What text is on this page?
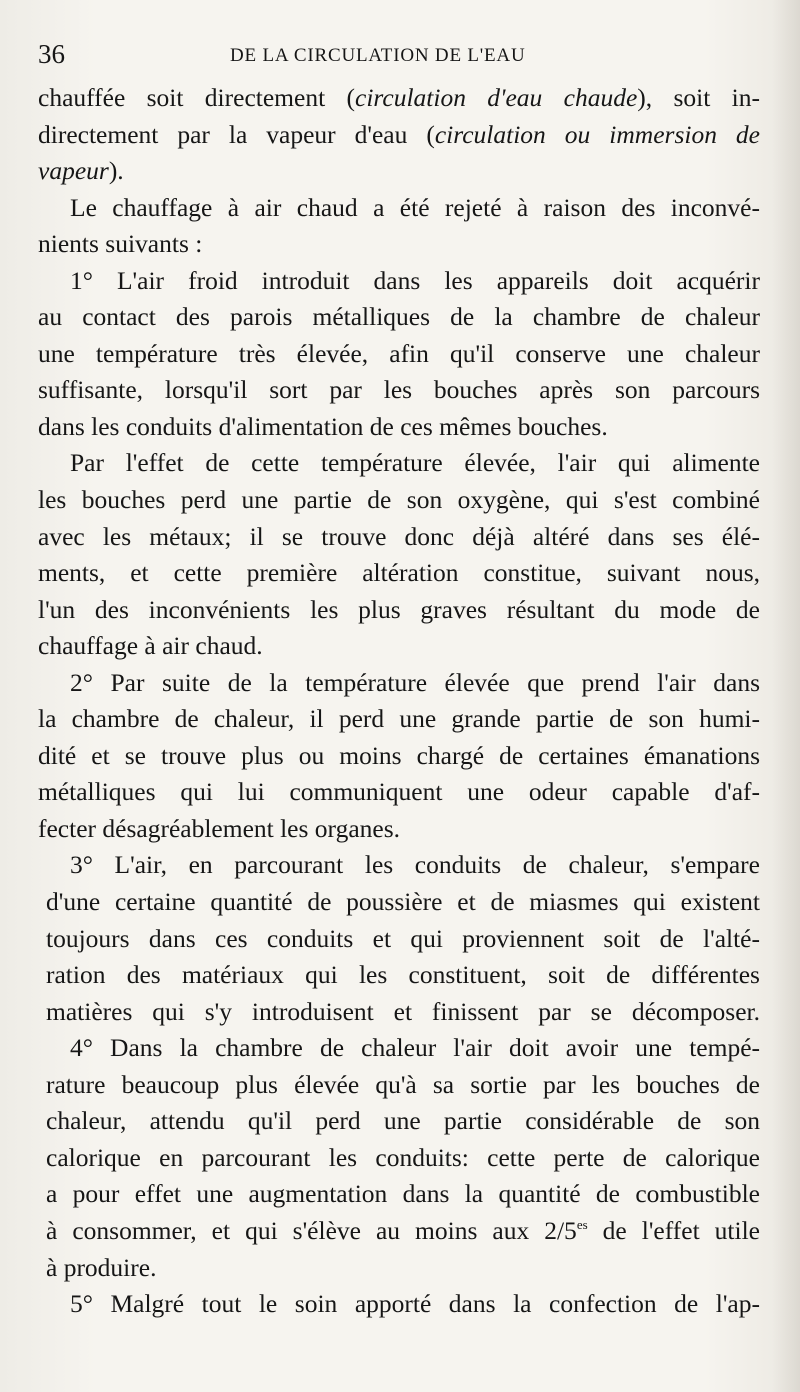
36	DE LA CIRCULATION DE L'EAU
chauffée soit directement (circulation d'eau chaude), soit in-
directement par la vapeur d'eau (circulation ou immersion de
vapeur).
Le chauffage à air chaud a été rejeté à raison des inconvé-
nients suivants :
1° L'air froid introduit dans les appareils doit acquérir
au contact des parois métalliques de la chambre de chaleur
une température très élevée, afin qu'il conserve une chaleur
suffisante, lorsqu'il sort par les bouches après son parcours
dans les conduits d'alimentation de ces mêmes bouches.
Par l'effet de cette température élevée, l'air qui alimente
les bouches perd une partie de son oxygène, qui s'est combiné
avec les métaux; il se trouve donc déjà altéré dans ses élé-
ments, et cette première altération constitue, suivant nous,
l'un des inconvénients les plus graves résultant du mode de
chauffage à air chaud.
2° Par suite de la température élevée que prend l'air dans
la chambre de chaleur, il perd une grande partie de son humi-
dité et se trouve plus ou moins chargé de certaines émanations
métalliques qui lui communiquent une odeur capable d'af-
fecter désagréablement les organes.
3° L'air, en parcourant les conduits de chaleur, s'empare
d'une certaine quantité de poussière et de miasmes qui existent
toujours dans ces conduits et qui proviennent soit de l'alté-
ration des matériaux qui les constituent, soit de différentes
matières qui s'y introduisent et finissent par se décomposer.
4° Dans la chambre de chaleur l'air doit avoir une tempé-
rature beaucoup plus élevée qu'à sa sortie par les bouches de
chaleur, attendu qu'il perd une partie considérable de son
calorique en parcourant les conduits: cette perte de calorique
a pour effet une augmentation dans la quantité de combustible
à consommer, et qui s'élève au moins aux $2/5^{es}$ de l'effet utile
à produire.
5° Malgré tout le soin apporté dans la confection de l'ap-
